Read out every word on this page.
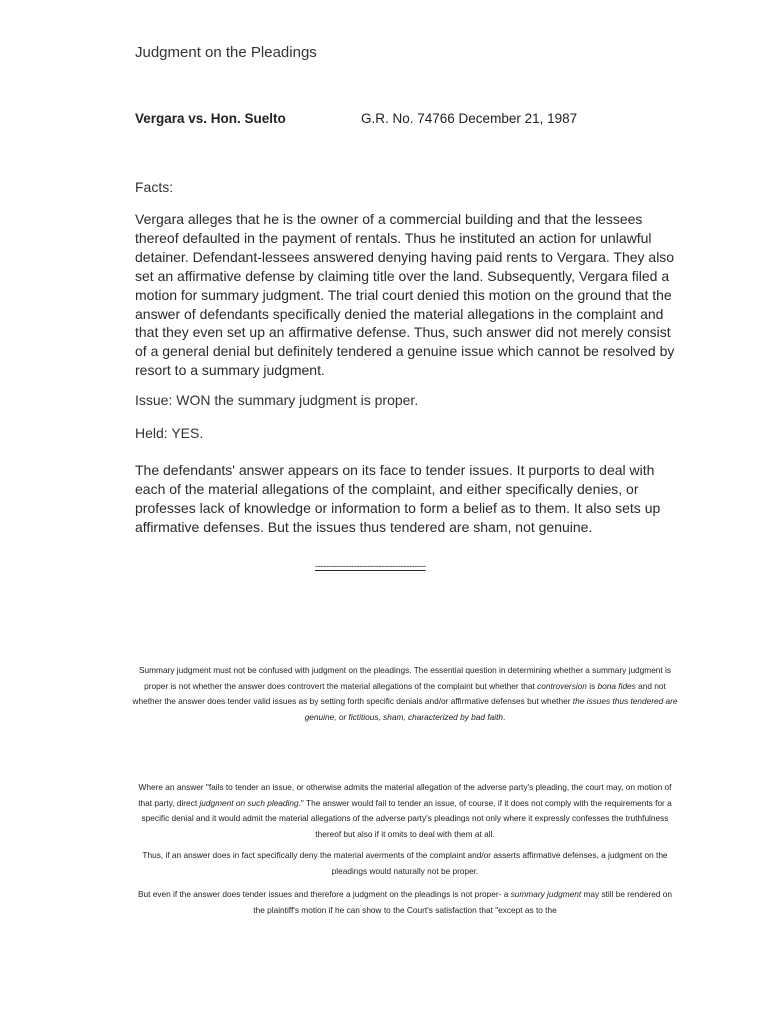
Judgment on the Pleadings
Vergara vs. Hon. Suelto	G.R. No. 74766 December 21, 1987
Facts:

Vergara alleges that he is the owner of a commercial building and that the lessees thereof defaulted in the payment of rentals. Thus he instituted an action for unlawful detainer. Defendant-lessees answered denying having paid rents to Vergara. They also set an affirmative defense by claiming title over the land. Subsequently, Vergara filed a motion for summary judgment. The trial court denied this motion on the ground that the answer of defendants specifically denied the material allegations in the complaint and that they even set up an affirmative defense. Thus, such answer did not merely consist of a general denial but definitely tendered a genuine issue which cannot be resolved by resort to a summary judgment.

Issue: WON the summary judgment is proper.
Held: YES.

The defendants' answer appears on its face to tender issues. It purports to deal with each of the material allegations of the complaint, and either specifically denies, or professes lack of knowledge or information to form a belief as to them. It also sets up affirmative defenses. But the issues thus tendered are sham, not genuine.

----------------------------------------

Summary judgment must not be confused with judgment on the pleadings. The essential question in determining whether a summary judgment is proper is not whether the answer does controvert the material allegations of the complaint but whether that controversion is bona fides and not whether the answer does tender valid issues as by setting forth specific denials and/or affirmative defenses but whether the issues thus tendered are genuine, or fictitious, sham, characterized by bad faith.

Where an answer "fails to tender an issue, or otherwise admits the material allegation of the adverse party's pleading, the court may, on motion of that party, direct judgment on such pleading." The answer would fail to tender an issue, of course, if it does not comply with the requirements for a specific denial and it would admit the material allegations of the adverse party's pleadings not only where it expressly confesses the truthfulness thereof but also if it omits to deal with them at all.

Thus, if an answer does in fact specifically deny the material averments of the complaint and/or asserts affirmative defenses, a judgment on the pleadings would naturally not be proper.

But even if the answer does tender issues and therefore a judgment on the pleadings is not proper- a summary judgment may still be rendered on the plaintiff's motion if he can show to the Court's satisfaction that "except as to the
